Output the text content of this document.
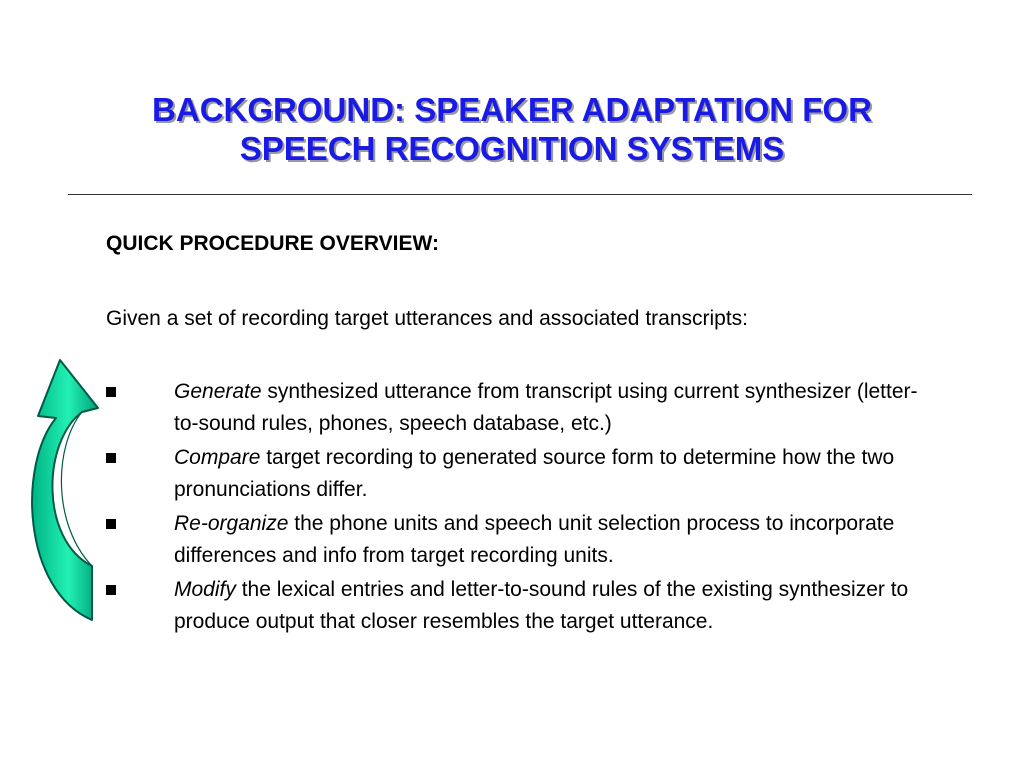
BACKGROUND: SPEAKER ADAPTATION FOR
SPEECH RECOGNITION SYSTEMS
QUICK PROCEDURE OVERVIEW:
Given a set of recording target utterances and associated transcripts:
Generate synthesized utterance from transcript using current synthesizer (letter-to-sound rules, phones, speech database, etc.)
Compare target recording to generated source form to determine how the two pronunciations differ.
Re-organize the phone units and speech unit selection process to incorporate differences and info from target recording units.
Modify the lexical entries and letter-to-sound rules of the existing synthesizer to produce output that closer resembles the target utterance.
